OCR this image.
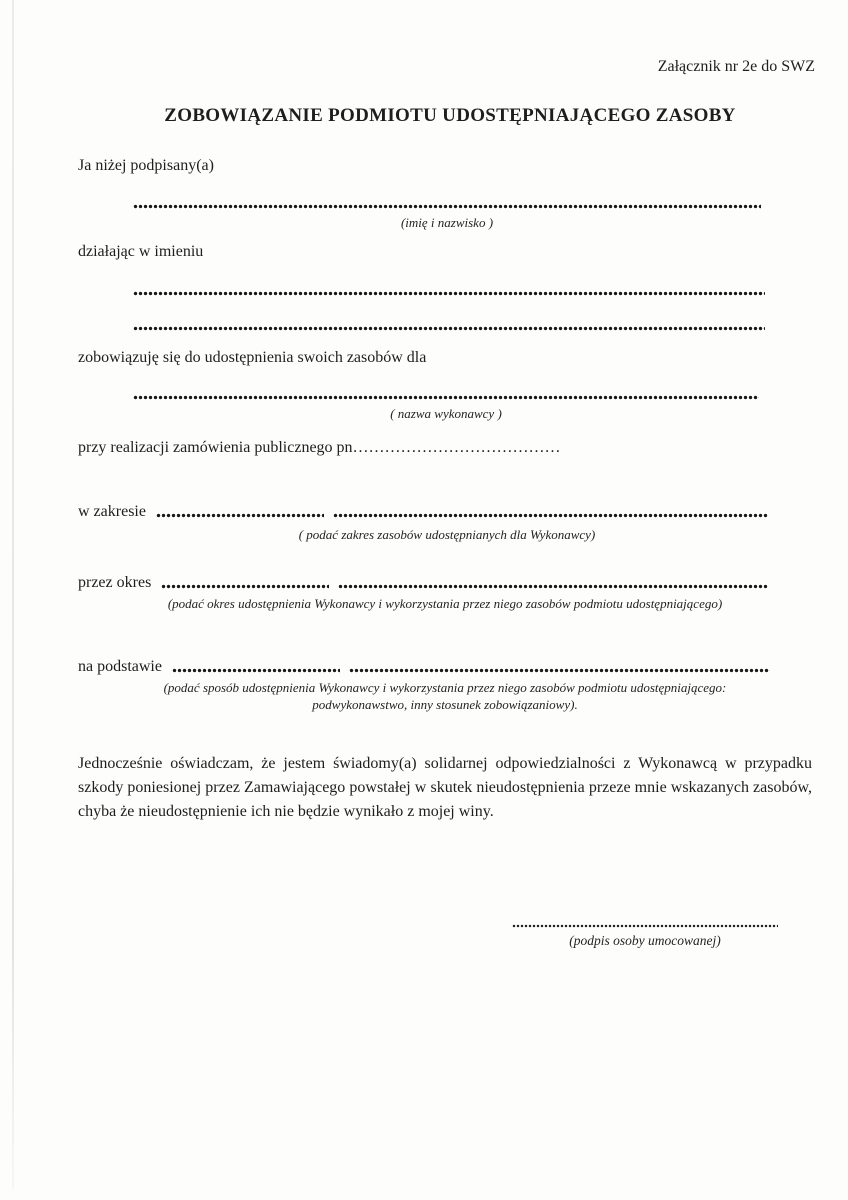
Załącznik nr 2e do SWZ
ZOBOWIĄZANIE PODMIOTU UDOSTĘPNIAJĄCEGO ZASOBY
Ja niżej podpisany(a)
(imię i nazwisko )
działając w imieniu
zobowiązuję się do udostępnienia swoich zasobów dla
( nazwa wykonawcy )
przy realizacji zamówienia publicznego pn…………………………………
w zakresie
( podać zakres zasobów udostępnianych dla Wykonawcy)
przez okres
(podać okres udostępnienia Wykonawcy i wykorzystania przez niego zasobów podmiotu udostępniającego)
na podstawie
(podać sposób udostępnienia Wykonawcy i wykorzystania przez niego zasobów podmiotu udostępniającego:
podwykonawstwo, inny stosunek zobowiązaniowy).
Jednocześnie oświadczam, że jestem świadomy(a) solidarnej odpowiedzialności z Wykonawcą w przypadku
szkody poniesionej przez Zamawiającego powstałej w skutek nieudostępnienia przeze mnie wskazanych zasobów,
chyba że nieudostępnienie ich nie będzie wynikało z mojej winy.
(podpis osoby umocowanej)
